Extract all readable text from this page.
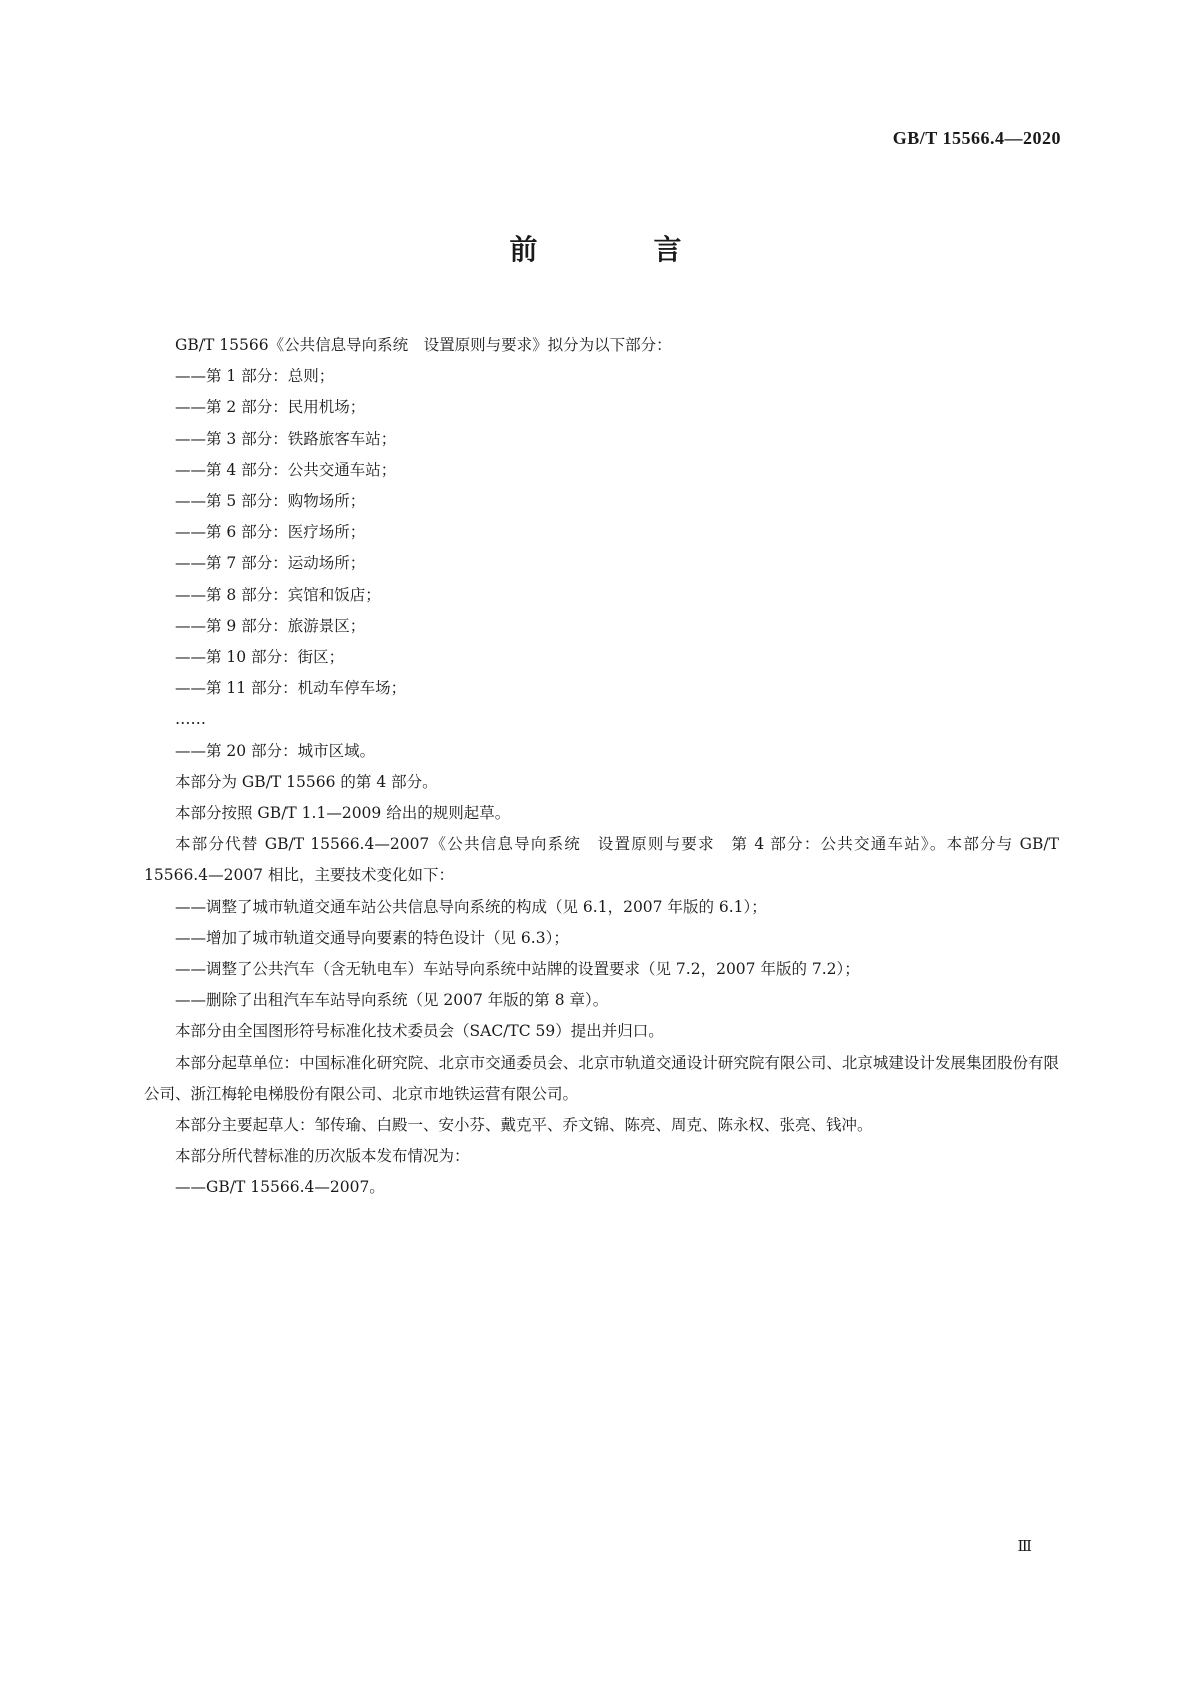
GB/T 15566.4—2020
前　言

GB/T 15566《公共信息导向系统　设置原则与要求》拟分为以下部分：

——第 1 部分：总则；

——第 2 部分：民用机场；

——第 3 部分：铁路旅客车站；

——第 4 部分：公共交通车站；

——第 5 部分：购物场所；

——第 6 部分：医疗场所；

——第 7 部分：运动场所；

——第 8 部分：宾馆和饭店；

——第 9 部分：旅游景区；

——第 10 部分：街区；

——第 11 部分：机动车停车场；

……

——第 20 部分：城市区域。

本部分为 GB/T 15566 的第 4 部分。

本部分按照 GB/T 1.1—2009 给出的规则起草。

本部分代替 GB/T 15566.4—2007《公共信息导向系统　设置原则与要求　第 4 部分：公共交通车站》。本部分与 GB/T 15566.4—2007 相比，主要技术变化如下：

——调整了城市轨道交通车站公共信息导向系统的构成（见 6.1，2007 年版的 6.1）；

——增加了城市轨道交通导向要素的特色设计（见 6.3）；

——调整了公共汽车（含无轨电车）车站导向系统中站牌的设置要求（见 7.2，2007 年版的 7.2）；

——删除了出租汽车车站导向系统（见 2007 年版的第 8 章）。

本部分由全国图形符号标准化技术委员会（SAC/TC 59）提出并归口。

本部分起草单位：中国标准化研究院、北京市交通委员会、北京市轨道交通设计研究院有限公司、北京城建设计发展集团股份有限公司、浙江梅轮电梯股份有限公司、北京市地铁运营有限公司。

本部分主要起草人：邹传瑜、白殿一、安小芬、戴克平、乔文锦、陈亮、周克、陈永权、张亮、钱冲。

本部分所代替标准的历次版本发布情况为：

——GB/T 15566.4—2007。

Ⅲ
